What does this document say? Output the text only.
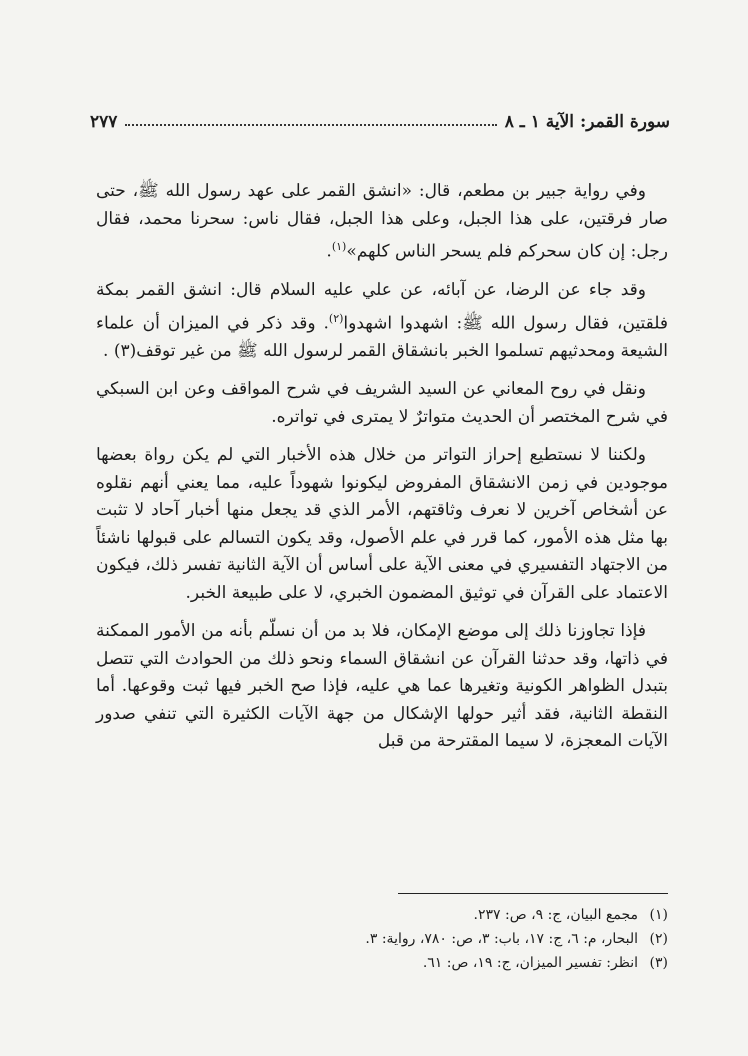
سورة القمر: الآية ١ ـ ٨
٢٧٧

وفي رواية جبير بن مطعم، قال: «انشق القمر على عهد رسول الله ﷺ، حتى صار فرقتين، على هذا الجبل، وعلى هذا الجبل، فقال ناس: سحرنا محمد، فقال رجل: إن كان سحركم فلم يسحر الناس كلهم»$^{(١)}$.

وقد جاء عن الرضا، عن آبائه، عن علي عليه السلام قال: انشق القمر بمكة فلقتين، فقال رسول الله ﷺ: اشهدوا اشهدوا$^{(٢)}$. وقد ذكر في الميزان أن علماء الشيعة ومحدثيهم تسلموا الخبر بانشقاق القمر لرسول الله ﷺ من غير توقف(٣) .

ونقل في روح المعاني عن السيد الشريف في شرح المواقف وعن ابن السبكي في شرح المختصر أن الحديث متواترٌ لا يمترى في تواتره.

ولكننا لا نستطيع إحراز التواتر من خلال هذه الأخبار التي لم يكن رواة بعضها موجودين في زمن الانشقاق المفروض ليكونوا شهوداً عليه، مما يعني أنهم نقلوه عن أشخاص آخرين لا نعرف وثاقتهم، الأمر الذي قد يجعل منها أخبار آحاد لا تثبت بها مثل هذه الأمور، كما قرر في علم الأصول، وقد يكون التسالم على قبولها ناشئاً من الاجتهاد التفسيري في معنى الآية على أساس أن الآية الثانية تفسر ذلك، فيكون الاعتماد على القرآن في توثيق المضمون الخبري، لا على طبيعة الخبر.

فإذا تجاوزنا ذلك إلى موضع الإمكان، فلا بد من أن نسلّم بأنه من الأمور الممكنة في ذاتها، وقد حدثنا القرآن عن انشقاق السماء ونحو ذلك من الحوادث التي تتصل بتبدل الظواهر الكونية وتغيرها عما هي عليه، فإذا صح الخبر فيها ثبت وقوعها. أما النقطة الثانية، فقد أثير حولها الإشكال من جهة الآيات الكثيرة التي تنفي صدور الآيات المعجزة، لا سيما المقترحة من قبل

(١)
مجمع البيان، ج: ٩، ص: ٢٣٧.
(٢)
البحار، م: ٦، ج: ١٧، باب: ٣، ص: ٧٨٠، رواية: ٣.
(٣)
انظر: تفسير الميزان، ج: ١٩، ص: ٦١.
